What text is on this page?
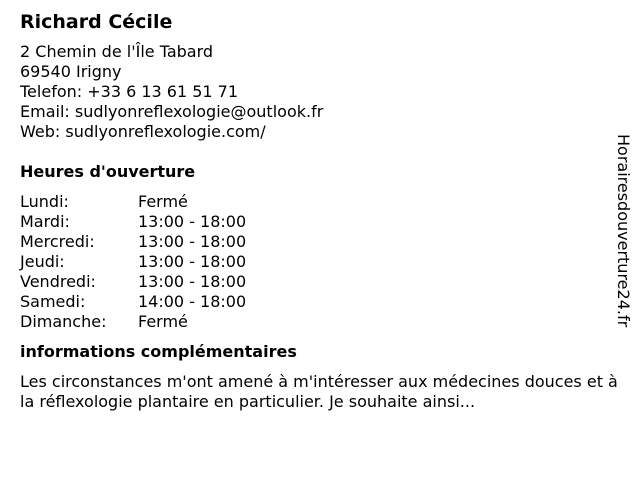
Richard Cécile
2 Chemin de l'Île Tabard
69540 Irigny
Telefon: +33 6 13 61 51 71
Email: sudlyonreflexologie@outlook.fr
Web: sudlyonreflexologie.com/
Heures d'ouverture
Lundi:	Fermé
Mardi:	13:00 - 18:00
Mercredi:	13:00 - 18:00
Jeudi:	13:00 - 18:00
Vendredi:	13:00 - 18:00
Samedi:	14:00 - 18:00
Dimanche:	Fermé
informations complémentaires
Les circonstances m'ont amené à m'intéresser aux médecines douces et à la réflexologie plantaire en particulier. Je souhaite ainsi...
Horairesdouverture24.fr
